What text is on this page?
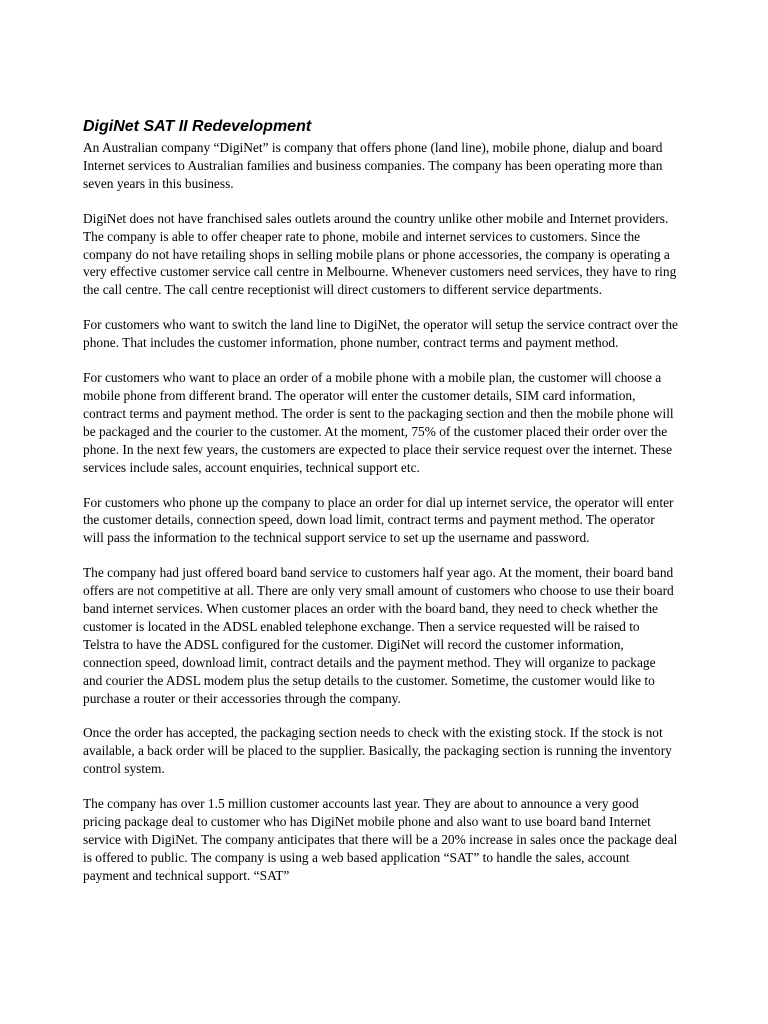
DigiNet SAT II Redevelopment

An Australian company “DigiNet” is company that offers phone (land line), mobile phone, dialup and board Internet services to Australian families and business companies. The company has been operating more than seven years in this business.

DigiNet does not have franchised sales outlets around the country unlike other mobile and Internet providers. The company is able to offer cheaper rate to phone, mobile and internet services to customers. Since the company do not have retailing shops in selling mobile plans or phone accessories, the company is operating a very effective customer service call centre in Melbourne. Whenever customers need services, they have to ring the call centre. The call centre receptionist will direct customers to different service departments.

For customers who want to switch the land line to DigiNet, the operator will setup the service contract over the phone. That includes the customer information, phone number, contract terms and payment method.

For customers who want to place an order of a mobile phone with a mobile plan, the customer will choose a mobile phone from different brand. The operator will enter the customer details, SIM card information, contract terms and payment method. The order is sent to the packaging section and then the mobile phone will be packaged and the courier to the customer. At the moment, 75% of the customer placed their order over the phone. In the next few years, the customers are expected to place their service request over the internet. These services include sales, account enquiries, technical support etc.

For customers who phone up the company to place an order for dial up internet service, the operator will enter the customer details, connection speed, down load limit, contract terms and payment method. The operator will pass the information to the technical support service to set up the username and password.

The company had just offered board band service to customers half year ago. At the moment, their board band offers are not competitive at all. There are only very small amount of customers who choose to use their board band internet services. When customer places an order with the board band, they need to check whether the customer is located in the ADSL enabled telephone exchange. Then a service requested will be raised to Telstra to have the ADSL configured for the customer. DigiNet will record the customer information, connection speed, download limit, contract details and the payment method. They will organize to package and courier the ADSL modem plus the setup details to the customer. Sometime, the customer would like to purchase a router or their accessories through the company.

Once the order has accepted, the packaging section needs to check with the existing stock. If the stock is not available, a back order will be placed to the supplier. Basically, the packaging section is running the inventory control system.

The company has over 1.5 million customer accounts last year. They are about to announce a very good pricing package deal to customer who has DigiNet mobile phone and also want to use board band Internet service with DigiNet. The company anticipates that there will be a 20% increase in sales once the package deal is offered to public. The company is using a web based application “SAT” to handle the sales, account payment and technical support. “SAT”
